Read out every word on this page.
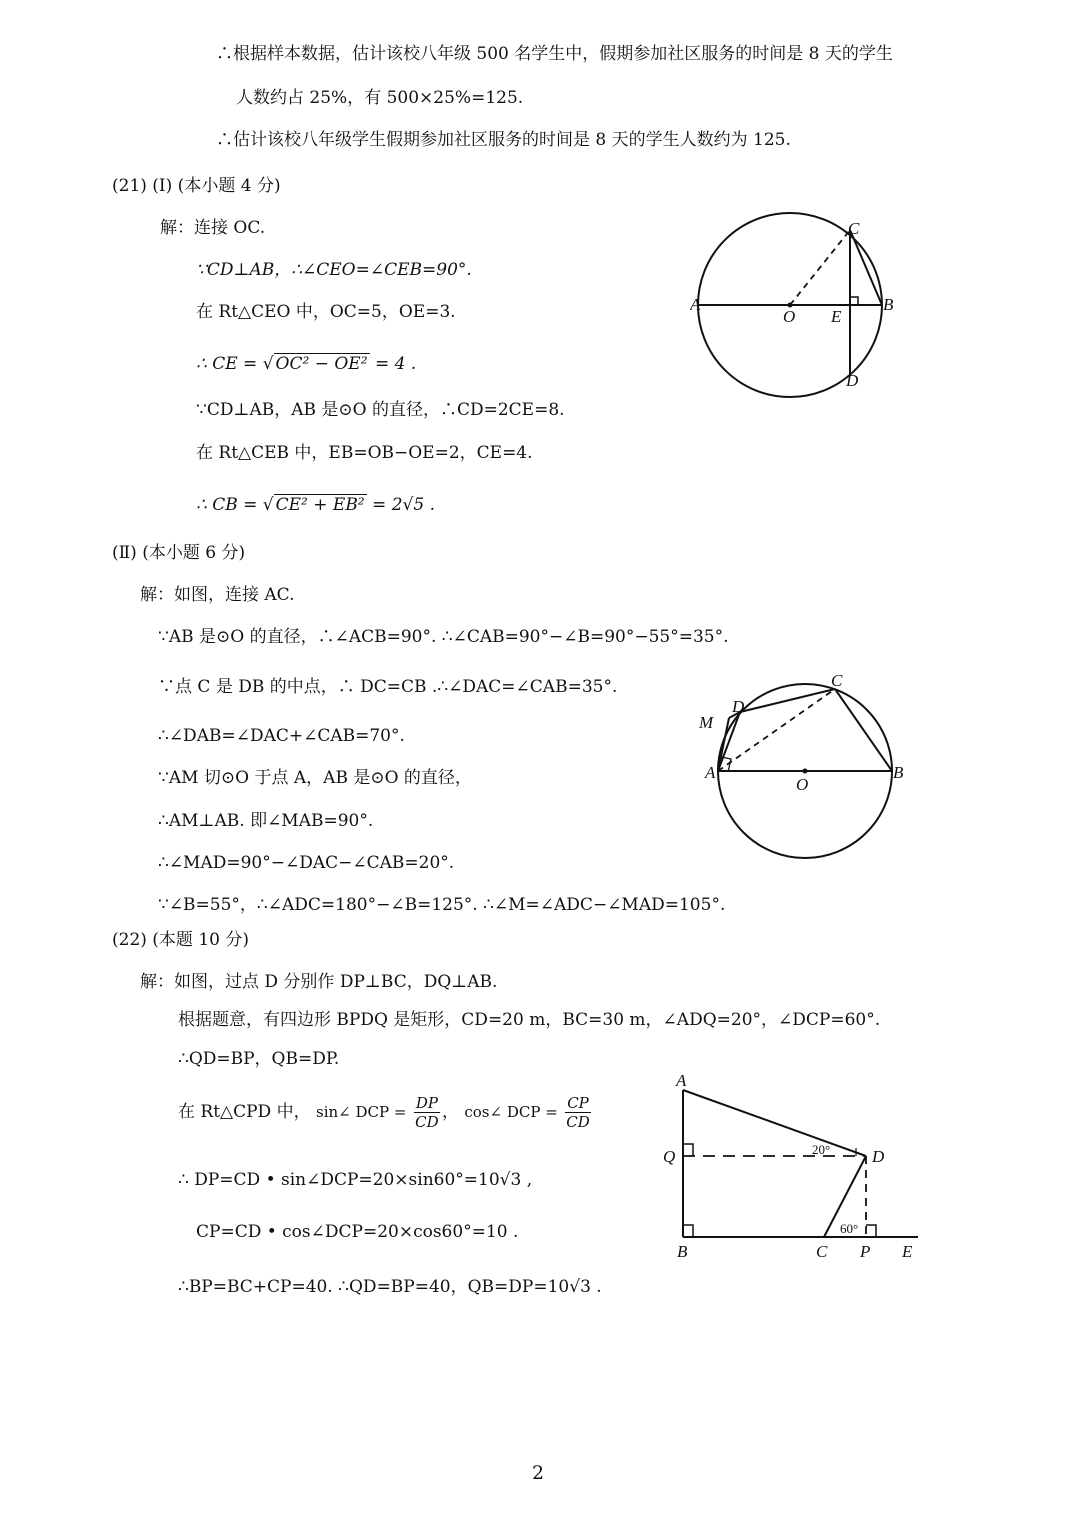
∴根据样本数据，估计该校八年级 500 名学生中，假期参加社区服务的时间是 8 天的学生
人数约占 25%，有 500×25%=125.
∴估计该校八年级学生假期参加社区服务的时间是 8 天的学生人数约为 125.
(21) (Ⅰ) (本小题 4 分)
解：连接 OC.
∵CD⊥AB，∴∠CEO=∠CEB=90°.
在 Rt△CEO 中，OC=5，OE=3.
∴ CE = √ OC² − OE² = 4 .
∵CD⊥AB，AB 是⊙O 的直径，∴CD=2CE=8.
在 Rt△CEB 中，EB=OB−OE=2，CE=4.
∴ CB = √ CE² + EB² = 2√5 .
A	B
C
D
E
O
(Ⅱ) (本小题 6 分)
解：如图，连接 AC.
∵AB 是⊙O 的直径，∴∠ACB=90°. ∴∠CAB=90°−∠B=90°−55°=35°.
∵点 C 是 DB 的中点，∴ DC=CB .∴∠DAC=∠CAB=35°.
∴∠DAB=∠DAC+∠CAB=70°.
∵AM 切⊙O 于点 A，AB 是⊙O 的直径，
∴AM⊥AB. 即∠MAB=90°.
∴∠MAD=90°−∠DAC−∠CAB=20°.
∵∠B=55°，∴∠ADC=180°−∠B=125°. ∴∠M=∠ADC−∠MAD=105°.
A	B
C
D
M
O
(22) (本题 10 分)
解：如图，过点 D 分别作 DP⊥BC，DQ⊥AB.
根据题意，有四边形 BPDQ 是矩形，CD=20 m，BC=30 m，∠ADQ=20°，∠DCP=60°.
∴QD=BP，QB=DP.
在 Rt△CPD 中， sin∠ DCP = $\frac{DP}{CD}$ ， cos∠ DCP = $\frac{CP}{CD}$
∴ DP=CD • sin∠DCP=20×sin60°=10√3 ,
CP=CD • cos∠DCP=20×cos60°=10 .
∴BP=BC+CP=40. ∴QD=BP=40，QB=DP=10√3 .
A
B	C
D
E
P
Q	20°
60°
2
